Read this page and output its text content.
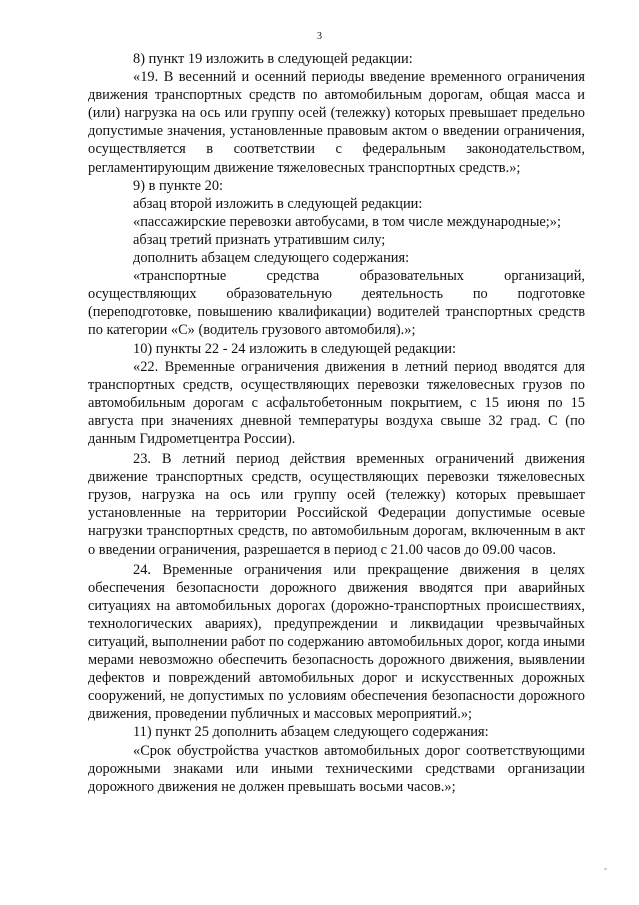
3

8) пункт 19 изложить в следующей редакции:

«19. В весенний и осенний периоды введение временного ограничения движения транспортных средств по автомобильным дорогам, общая масса и (или) нагрузка на ось или группу осей (тележку) которых превышает предельно допустимые значения, установленные правовым актом о введении ограничения, осуществляется в соответствии с федеральным законодательством, регламентирующим движение тяжеловесных транспортных средств.»;

9) в пункте 20:

абзац второй изложить в следующей редакции:

«пассажирские перевозки автобусами, в том числе международные;»;

абзац третий признать утратившим силу;

дополнить абзацем следующего содержания:

«транспортные средства образовательных организаций, осуществляющих образовательную деятельность по подготовке (переподготовке, повышению квалификации) водителей транспортных средств по категории «С» (водитель грузового автомобиля).»;

10) пункты 22 - 24 изложить в следующей редакции:

«22. Временные ограничения движения в летний период вводятся для транспортных средств, осуществляющих перевозки тяжеловесных грузов по автомобильным дорогам с асфальтобетонным покрытием, с 15 июня по 15 августа при значениях дневной температуры воздуха свыше 32 град. С (по данным Гидрометцентра России).

23. В летний период действия временных ограничений движения движение транспортных средств, осуществляющих перевозки тяжеловесных грузов, нагрузка на ось или группу осей (тележку) которых превышает установленные на территории Российской Федерации допустимые осевые нагрузки транспортных средств, по автомобильным дорогам, включенным в акт о введении ограничения, разрешается в период с 21.00 часов до 09.00 часов.

24. Временные ограничения или прекращение движения в целях обеспечения безопасности дорожного движения вводятся при аварийных ситуациях на автомобильных дорогах (дорожно-транспортных происшествиях, технологических авариях), предупреждении и ликвидации чрезвычайных ситуаций, выполнении работ по содержанию автомобильных дорог, когда иными мерами невозможно обеспечить безопасность дорожного движения, выявлении дефектов и повреждений автомобильных дорог и искусственных дорожных сооружений, не допустимых по условиям обеспечения безопасности дорожного движения, проведении публичных и массовых мероприятий.»;

11) пункт 25 дополнить абзацем следующего содержания:

«Срок обустройства участков автомобильных дорог соответствующими дорожными знаками или иными техническими средствами организации дорожного движения не должен превышать восьми часов.»;
